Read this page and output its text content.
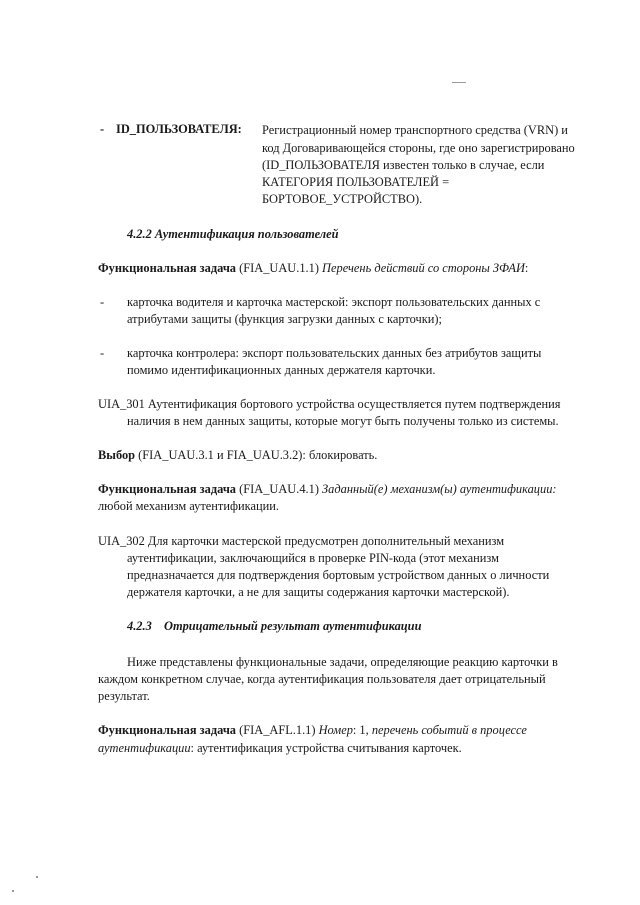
- ID_ПОЛЬЗОВАТЕЛЯ: Регистрационный номер транспортного средства (VRN) и
код Договаривающейся стороны, где оно зарегистрировано
(ID_ПОЛЬЗОВАТЕЛЯ известен только в случае, если
КАТЕГОРИЯ ПОЛЬЗОВАТЕЛЕЙ =
БОРТОВОЕ_УСТРОЙСТВО).
4.2.2 Аутентификация пользователей
Функциональная задача (FIA_UAU.1.1) Перечень действий со стороны ЗФАИ:
- карточка водителя и карточка мастерской: экспорт пользовательских данных с
атрибутами защиты (функция загрузки данных с карточки);
- карточка контролера: экспорт пользовательских данных без атрибутов защиты
помимо идентификационных данных держателя карточки.
UIA_301 Аутентификация бортового устройства осуществляется путем подтверждения
наличия в нем данных защиты, которые могут быть получены только из системы.
Выбор (FIA_UAU.3.1 и FIA_UAU.3.2): блокировать.
Функциональная задача (FIA_UAU.4.1) Заданный(е) механизм(ы) аутентификации:
любой механизм аутентификации.
UIA_302 Для карточки мастерской предусмотрен дополнительный механизм
аутентификации, заключающийся в проверке PIN-кода (этот механизм
предназначается для подтверждения бортовым устройством данных о личности
держателя карточки, а не для защиты содержания карточки мастерской).
4.2.3 Отрицательный результат аутентификации
Ниже представлены функциональные задачи, определяющие реакцию карточки в
каждом конкретном случае, когда аутентификация пользователя дает отрицательный
результат.
Функциональная задача (FIA_AFL.1.1) Номер: 1, перечень событий в процессе
аутентификации: аутентификация устройства считывания карточек.
